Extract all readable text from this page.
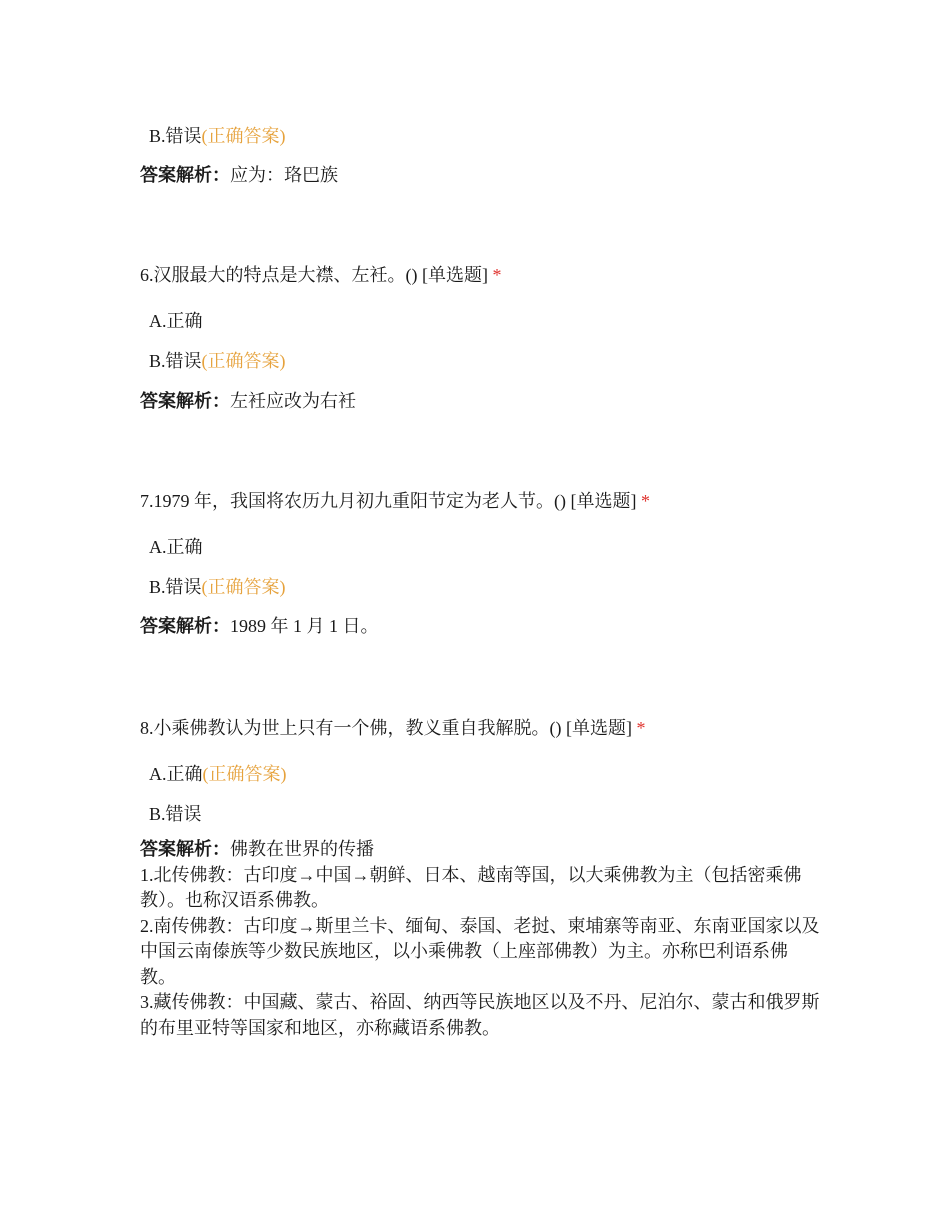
B.错误(正确答案)
答案解析：应为：珞巴族
6.汉服最大的特点是大襟、左衽。() [单选题] *
A.正确
B.错误(正确答案)
答案解析：左衽应改为右衽
7.1979 年，我国将农历九月初九重阳节定为老人节。() [单选题] *
A.正确
B.错误(正确答案)
答案解析：1989 年 1 月 1 日。
8.小乘佛教认为世上只有一个佛，教义重自我解脱。() [单选题] *
A.正确(正确答案)
B.错误

答案解析：佛教在世界的传播

1.北传佛教：古印度→中国→朝鲜、日本、越南等国，以大乘佛教为主（包括密乘佛教）。也称汉语系佛教。

2.南传佛教：古印度→斯里兰卡、缅甸、泰国、老挝、柬埔寨等南亚、东南亚国家以及中国云南傣族等少数民族地区，以小乘佛教（上座部佛教）为主。亦称巴利语系佛教。

3.藏传佛教：中国藏、蒙古、裕固、纳西等民族地区以及不丹、尼泊尔、蒙古和俄罗斯的布里亚特等国家和地区，亦称藏语系佛教。
